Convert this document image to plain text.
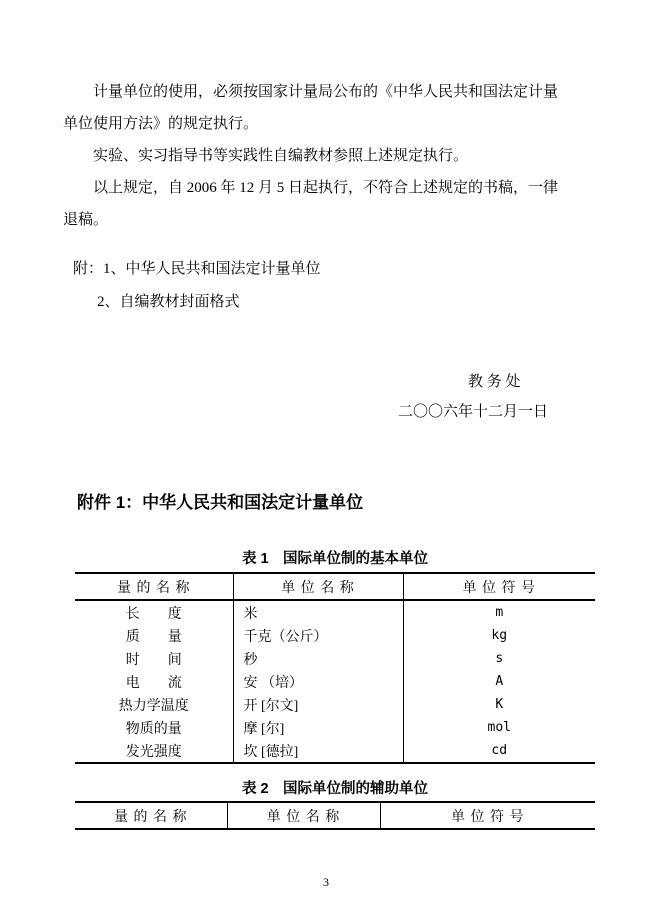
计量单位的使用，必须按国家计量局公布的《中华人民共和国法定计量
单位使用方法》的规定执行。
实验、实习指导书等实践性自编教材参照上述规定执行。
以上规定，自 2006 年 12 月 5 日起执行，不符合上述规定的书稿，一律
退稿。
附：1、中华人民共和国法定计量单位
2、自编教材封面格式
教 务 处
二〇〇六年十二月一日
附件 1：中华人民共和国法定计量单位
表 1　国际单位制的基本单位
量 的 名 称	单 位 名 称	单 位 符 号
长　　度	米	m
质　　量	千克（公斤）	kg
时　　间	秒	s
电　　流	安 （培）	A
热力学温度	开 [尔文]	K
物质的量	摩 [尔]	mol
发光强度	坎 [德拉]	cd
表 2　国际单位制的辅助单位
量 的 名 称	单 位 名 称	单 位 符 号
3
